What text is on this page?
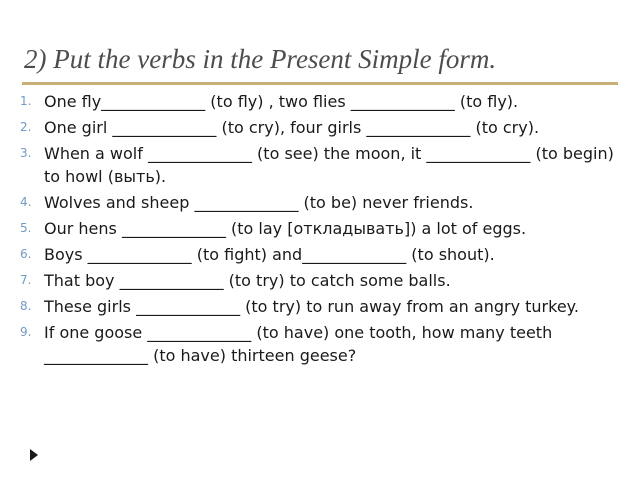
2) Put the verbs in the Present Simple form.
1. One fly_____________ (to fly) , two flies _____________ (to fly).
2. One girl _____________ (to cry), four girls _____________ (to cry).
3. When a wolf _____________ (to see) the moon, it _____________ (to begin) to howl (выть).
4. Wolves and sheep _____________ (to be) never friends.
5. Our hens _____________ (to lay [откладывать]) a lot of eggs.
6. Boys _____________ (to fight) and_____________ (to shout).
7. That boy _____________ (to try) to catch some balls.
8. These girls _____________ (to try) to run away from an angry turkey.
9. If one goose _____________ (to have) one tooth, how many teeth _____________ (to have) thirteen geese?
